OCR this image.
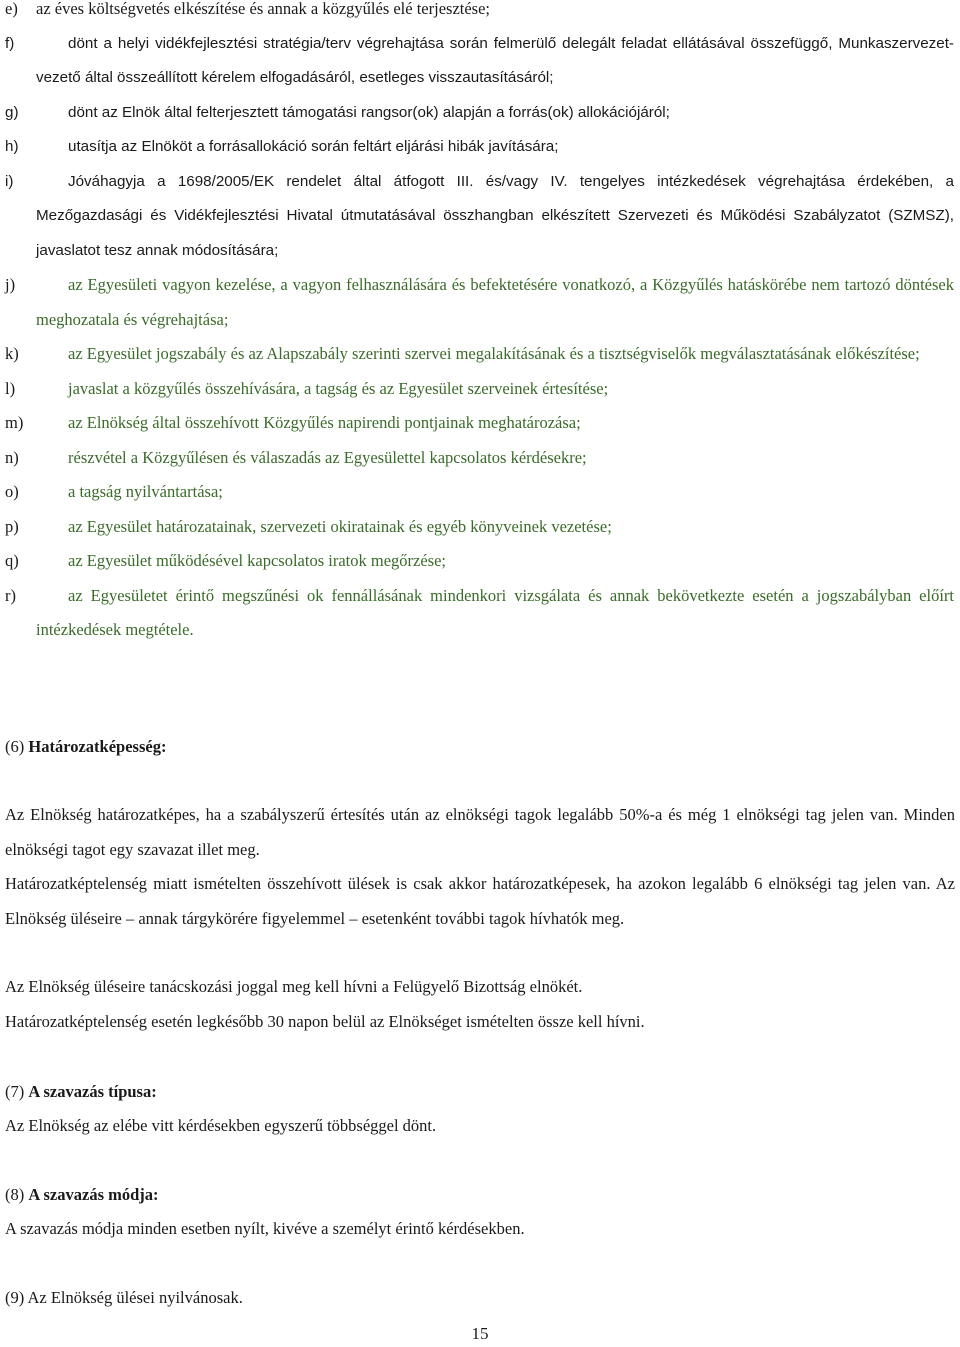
e) az éves költségvetés elkészítése és annak a közgyűlés elé terjesztése;
f)	dönt a helyi vidékfejlesztési stratégia/terv végrehajtása során felmerülő delegált feladat ellátásával összefüggő, Munkaszervezet-vezető által összeállított kérelem elfogadásáról, esetleges visszautasításáról;
g)	dönt az Elnök által felterjesztett támogatási rangsor(ok) alapján a forrás(ok) allokációjáról;
h)	utasítja az Elnököt a forrásallokáció során feltárt eljárási hibák javítására;
i)	Jóváhagyja a 1698/2005/EK rendelet által átfogott III. és/vagy IV. tengelyes intézkedések végrehajtása érdekében, a Mezőgazdasági és Vidékfejlesztési Hivatal útmutatásával összhangban elkészített Szervezeti és Működési Szabályzatot (SZMSZ), javaslatot tesz annak módosítására;
j)	az Egyesületi vagyon kezelése, a vagyon felhasználására és befektetésére vonatkozó, a Közgyűlés hatáskörébe nem tartozó döntések meghozatala és végrehajtása;
k)	az Egyesület jogszabály és az Alapszabály szerinti szervei megalakításának és a tisztségviselők megválasztatásának előkészítése;
l)	javaslat a közgyűlés összehívására, a tagság és az Egyesület szerveinek értesítése;
m)	az Elnökség által összehívott Közgyűlés napirendi pontjainak meghatározása;
n)	részvétel a Közgyűlésen és válaszadás az Egyesülettel kapcsolatos kérdésekre;
o)	a tagság nyilvántartása;
p)	az Egyesület határozatainak, szervezeti okiratainak és egyéb könyveinek vezetése;
q)	az Egyesület működésével kapcsolatos iratok megőrzése;
r)	az Egyesületet érintő megszűnési ok fennállásának mindenkori vizsgálata és annak bekövetkezte esetén a jogszabályban előírt intézkedések megtétele.
(6) Határozatképesség:
Az Elnökség határozatképes, ha a szabályszerű értesítés után az elnökségi tagok legalább 50%-a és még 1 elnökségi tag jelen van. Minden elnökségi tagot egy szavazat illet meg.
Határozatképtelenség miatt ismételten összehívott ülések is csak akkor határozatképesek, ha azokon legalább 6 elnökségi tag jelen van. Az Elnökség üléseire – annak tárgykörére figyelemmel – esetenként további tagok hívhatók meg.
Az Elnökség üléseire tanácskozási joggal meg kell hívni a Felügyelő Bizottság elnökét.
Határozatképtelenség esetén legkésőbb 30 napon belül az Elnökséget ismételten össze kell hívni.
(7) A szavazás típusa:
Az Elnökség az elébe vitt kérdésekben egyszerű többséggel dönt.
(8) A szavazás módja:
A szavazás módja minden esetben nyílt, kivéve a személyt érintő kérdésekben.
(9) Az Elnökség ülései nyilvánosak.
15
